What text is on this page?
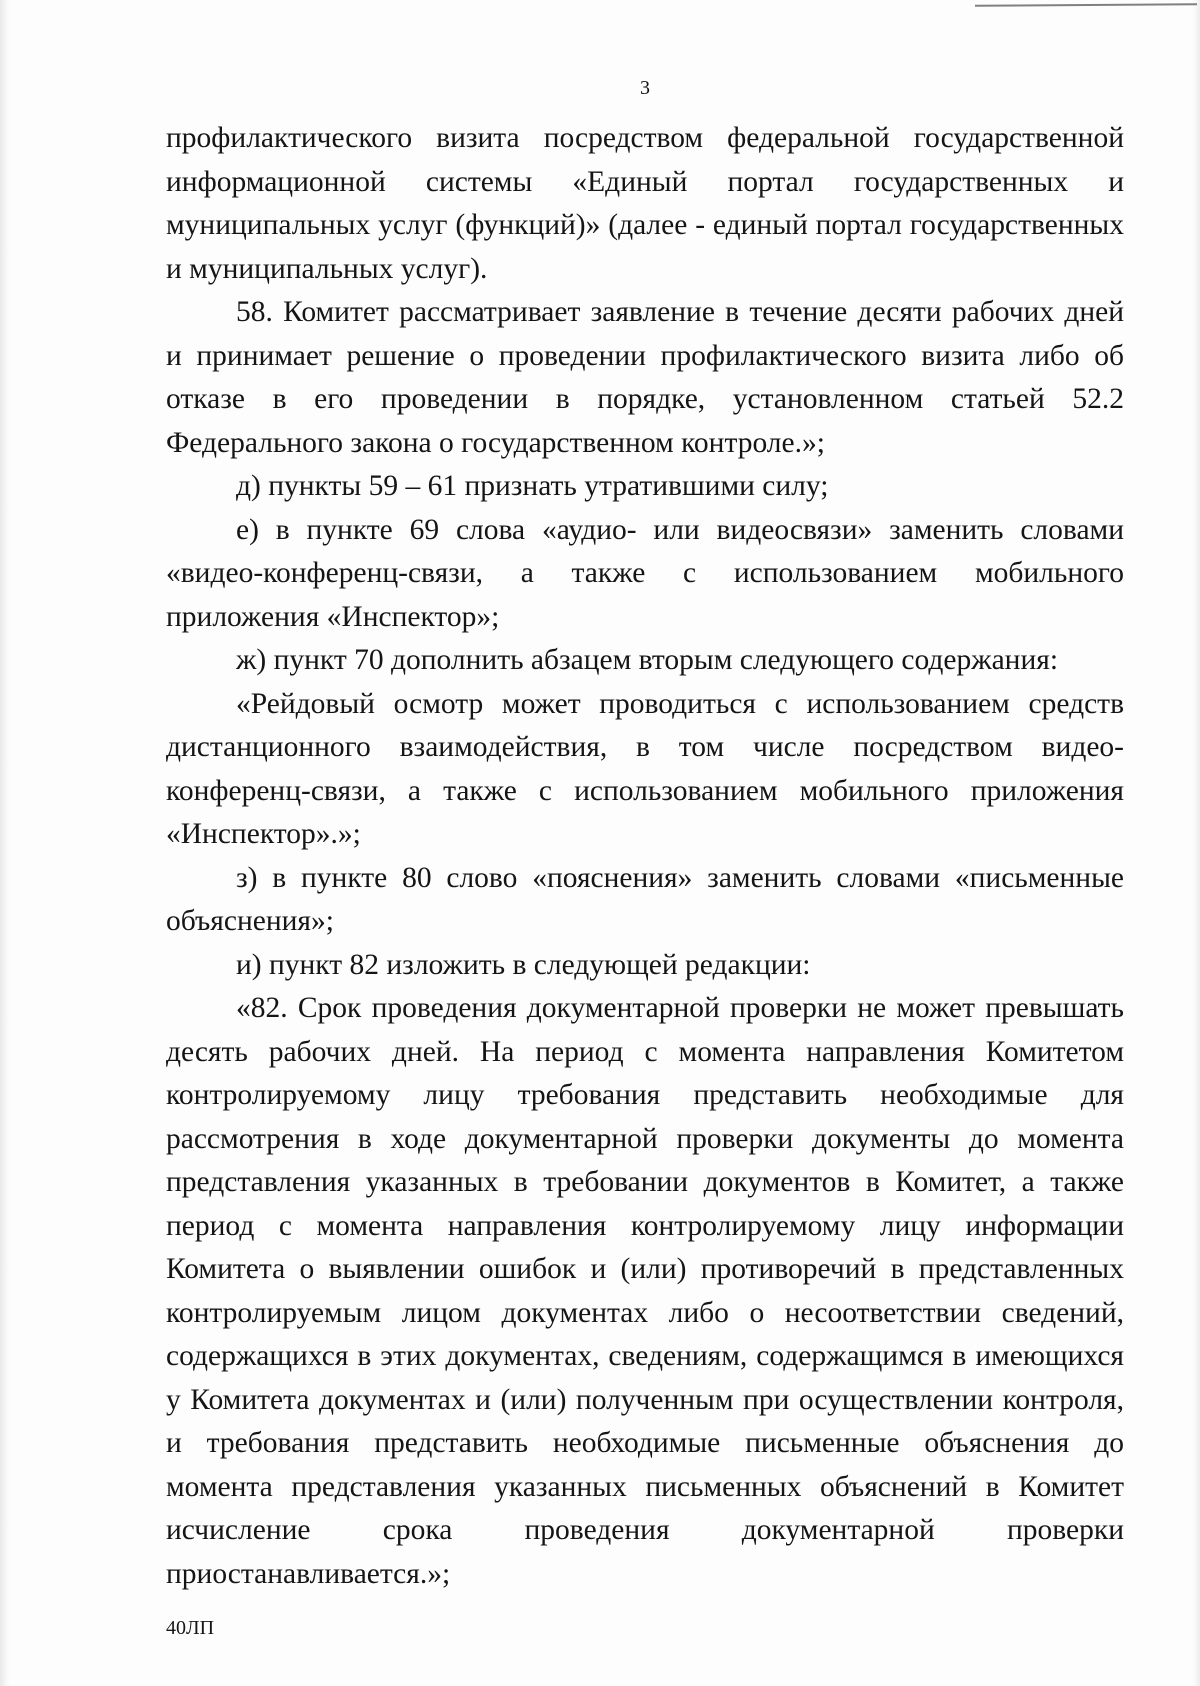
3

профилактического визита посредством федеральной государственной информационной системы «Единый портал государственных и муниципальных услуг (функций)» (далее - единый портал государственных и муниципальных услуг).

58. Комитет рассматривает заявление в течение десяти рабочих дней и принимает решение о проведении профилактического визита либо об отказе в его проведении в порядке, установленном статьей 52.2 Федерального закона о государственном контроле.»;

д) пункты 59 – 61 признать утратившими силу;

е) в пункте 69 слова «аудио- или видеосвязи» заменить словами «видео-конференц-связи, а также с использованием мобильного приложения «Инспектор»;

ж) пункт 70 дополнить абзацем вторым следующего содержания:

«Рейдовый осмотр может проводиться с использованием средств дистанционного взаимодействия, в том числе посредством видео-конференц-связи, а также с использованием мобильного приложения «Инспектор».»;

з) в пункте 80 слово «пояснения» заменить словами «письменные объяснения»;

и) пункт 82 изложить в следующей редакции:

«82. Срок проведения документарной проверки не может превышать десять рабочих дней. На период с момента направления Комитетом контролируемому лицу требования представить необходимые для рассмотрения в ходе документарной проверки документы до момента представления указанных в требовании документов в Комитет, а также период с момента направления контролируемому лицу информации Комитета о выявлении ошибок и (или) противоречий в представленных контролируемым лицом документах либо о несоответствии сведений, содержащихся в этих документах, сведениям, содержащимся в имеющихся у Комитета документах и (или) полученным при осуществлении контроля, и требования представить необходимые письменные объяснения до момента представления указанных письменных объяснений в Комитет исчисление срока проведения документарной проверки приостанавливается.»;

40ЛП
